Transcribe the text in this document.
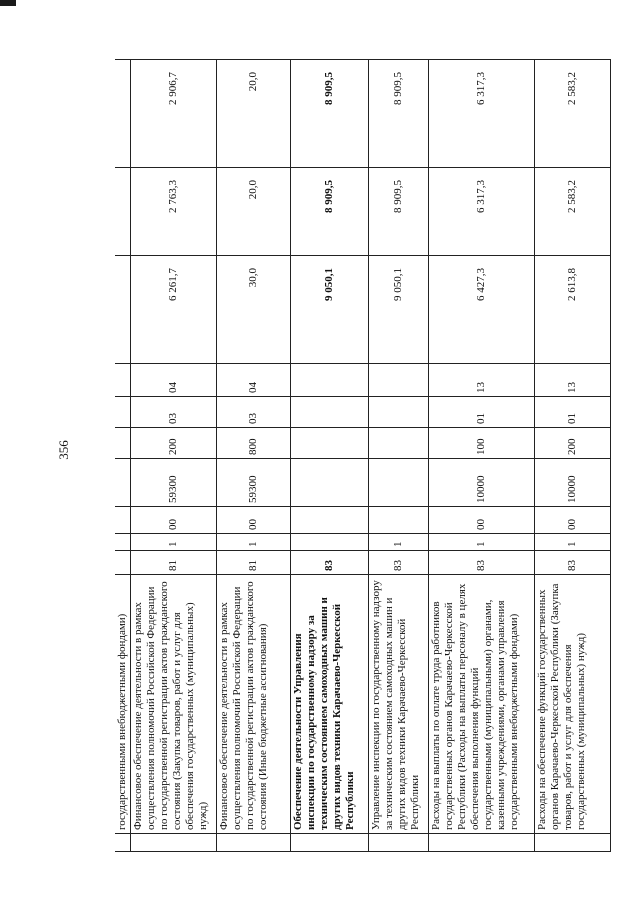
356
	государственными внебюджетными фондами)										
	Финансовое обеспечение деятельности в рамках осуществления полномочий Российской Федерации по государственной регистрации актов гражданского состояния (Закупка товаров, работ и услуг для обеспечения государственных (муниципальных) нужд)	81	1	00	59300	200	03	04	6 261,7	2 763,3	2 906,7
	Финансовое обеспечение деятельности в рамках осуществления полномочий Российской Федерации по государственной регистрации актов гражданского состояния (Иные бюджетные ассигнования)	81	1	00	59300	800	03	04	30,0	20,0	20,0
	Обеспечение деятельности Управления инспекции по государственному надзору за техническим состоянием самоходных машин и других видов техники Карачаево-Черкесской Республики	83							9 050,1	8 909,5	8 909,5
	Управление инспекции по государственному надзору за техническим состоянием самоходных машин и других видов техники Карачаево-Черкесской Республики	83	1						9 050,1	8 909,5	8 909,5
	Расходы на выплаты по оплате труда работников государственных органов Карачаево-Черкесской Республики (Расходы на выплаты персоналу в целях обеспечения выполнения функций государственными (муниципальными) органами, казенными учреждениями, органами управления государственными внебюджетными фондами)	83	1	00	10000	100	01	13	6 427,3	6 317,3	6 317,3
	Расходы на обеспечение функций государственных органов Карачаево-Черкесской Республики (Закупка товаров, работ и услуг для обеспечения государственных (муниципальных) нужд)	83	1	00	10000	200	01	13	2 613,8	2 583,2	2 583,2
